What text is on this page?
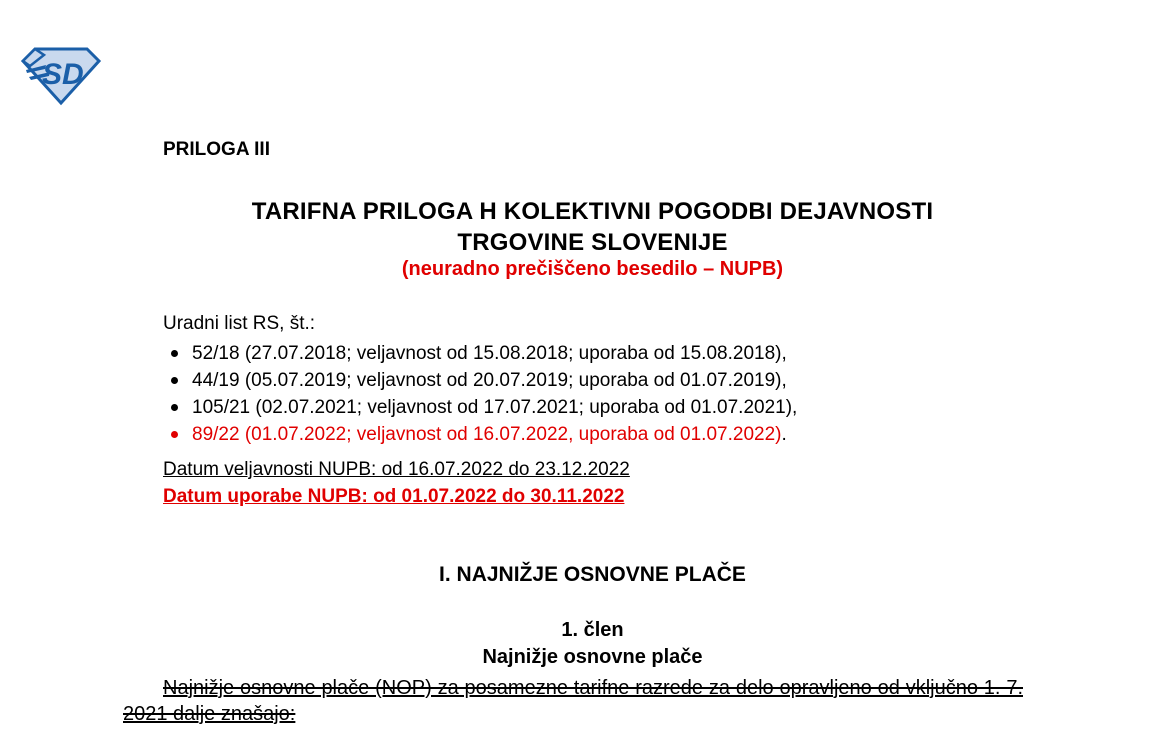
SD

PRILOGA III

TARIFNA PRILOGA H KOLEKTIVNI POGODBI DEJAVNOSTI
TRGOVINE SLOVENIJE

(neuradno prečiščeno besedilo – NUPB)

Uradni list RS, št.:

52/18 (27.07.2018; veljavnost od 15.08.2018; uporaba od 15.08.2018),
44/19 (05.07.2019; veljavnost od 20.07.2019; uporaba od 01.07.2019),
105/21 (02.07.2021; veljavnost od 17.07.2021; uporaba od 01.07.2021),
89/22 (01.07.2022; veljavnost od 16.07.2022, uporaba od 01.07.2022).

Datum veljavnosti NUPB: od 16.07.2022 do 23.12.2022

Datum uporabe NUPB: od 01.07.2022 do 30.11.2022

I. NAJNIŽJE OSNOVNE PLAČE
1. člen
Najnižje osnovne plače

Najnižje osnovne plače (NOP) za posamezne tarifne razrede za delo opravljeno od vključno 1. 7. 2021 dalje znašajo:
